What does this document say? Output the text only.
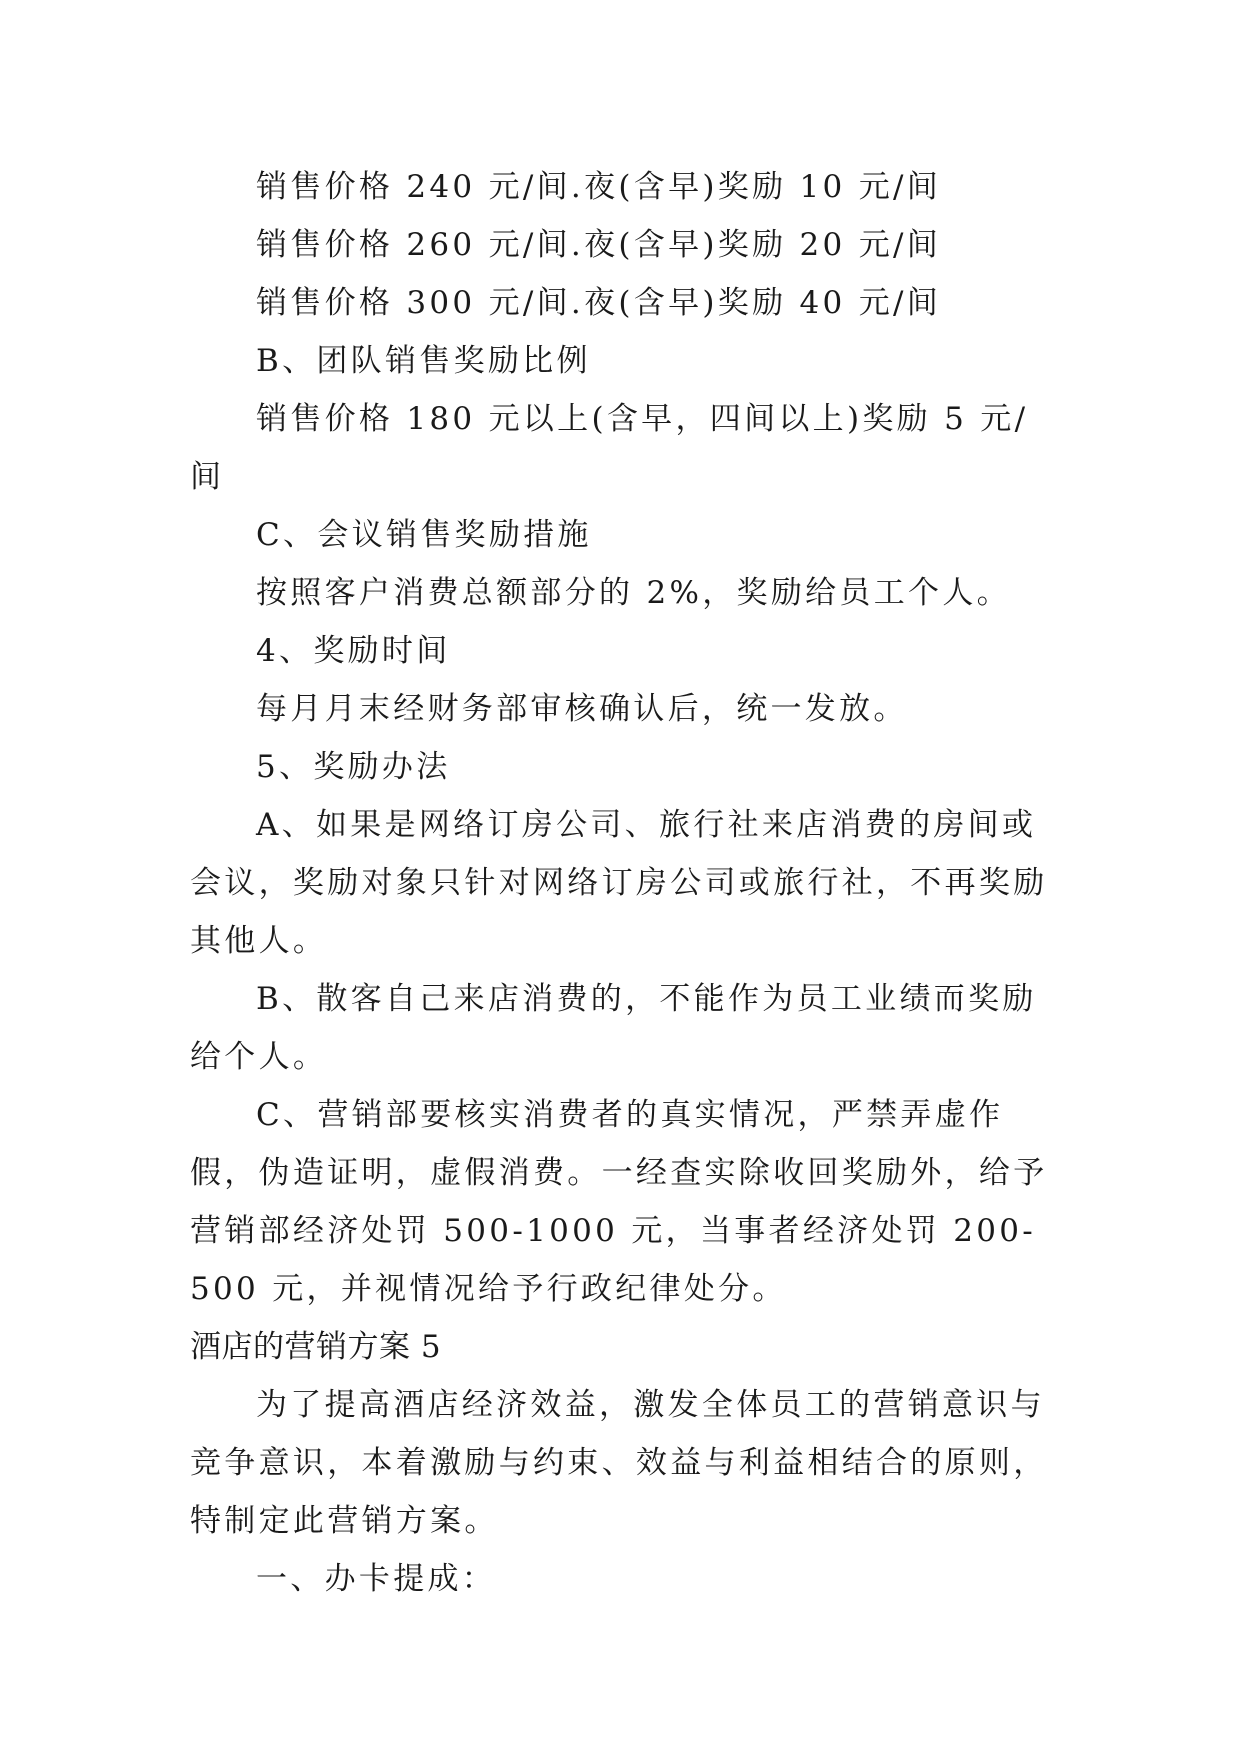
销售价格 240 元/间.夜(含早)奖励 10 元/间

销售价格 260 元/间.夜(含早)奖励 20 元/间

销售价格 300 元/间.夜(含早)奖励 40 元/间

B、团队销售奖励比例

销售价格 180 元以上(含早，四间以上)奖励 5 元/间

C、会议销售奖励措施

按照客户消费总额部分的 2%，奖励给员工个人。

4、奖励时间

每月月末经财务部审核确认后，统一发放。

5、奖励办法

A、如果是网络订房公司、旅行社来店消费的房间或会议，奖励对象只针对网络订房公司或旅行社，不再奖励其他人。

B、散客自己来店消费的，不能作为员工业绩而奖励给个人。

C、营销部要核实消费者的真实情况，严禁弄虚作假，伪造证明，虚假消费。一经查实除收回奖励外，给予营销部经济处罚 500-1000 元，当事者经济处罚 200-500 元，并视情况给予行政纪律处分。

酒店的营销方案 5

为了提高酒店经济效益，激发全体员工的营销意识与竞争意识，本着激励与约束、效益与利益相结合的原则，特制定此营销方案。

一、办卡提成：
